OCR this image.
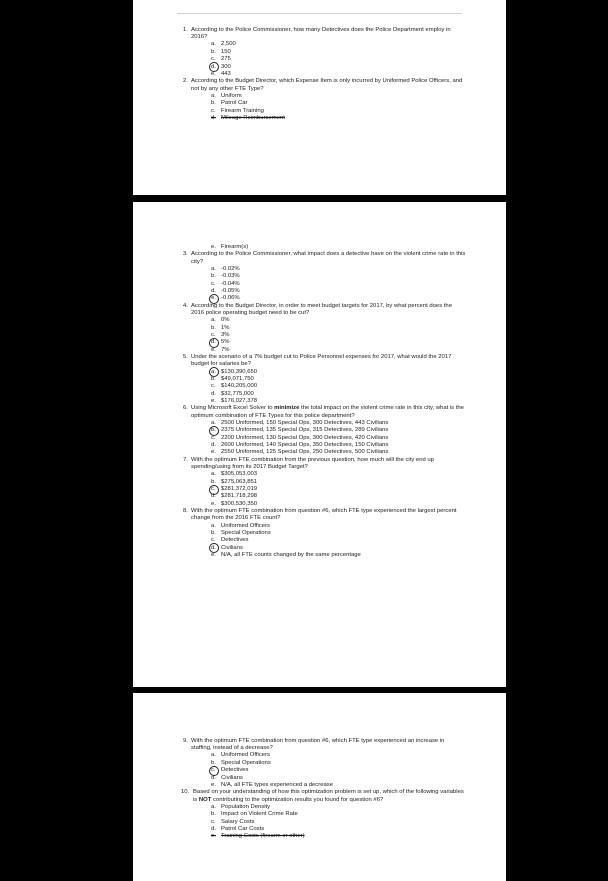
1. According to the Police Commissioner, how many Detectives does the Police Department employ in 2016?
a. 2,500
b. 150
c. 275
d. 300
e. 443
2. According to the Budget Director, which Expense Item is only incurred by Uniformed Police Officers, and not by any other FTE Type?
a. Uniform
b. Patrol Car
c. Firearm Training
d. Mileage Reimbursement
e. Firearm(s)
3. According to the Police Commissioner, what impact does a detective have on the violent crime rate in this city?
a. -0.02%
b. -0.03%
c. -0.04%
d. -0.05%
e. -0.06%
4. According to the Budget Director, in order to meet budget targets for 2017, by what percent does the 2016 police operating budget need to be cut?
a. 0%
b. 1%
c. 3%
d. 5%
e. 7%
5. Under the scenario of a 7% budget cut to Police Personnel expenses for 2017, what would the 2017 budget for salaries be?
a. $130,390,650
b. $49,071,750
c. $140,205,000
d. $32,775,000
e. $176,027,378
6. Using Microsoft Excel Solver to minimize the total impact on the violent crime rate in this city, what is the optimum combination of FTE Types for this police department?
a. 2500 Uniformed, 150 Special Ops, 300 Detectives, 443 Civilians
b. 2375 Uniformed, 135 Special Ops, 315 Detectives, 289 Civilians
c. 2200 Uniformed, 130 Special Ops, 300 Detectives, 420 Civilians
d. 2600 Uniformed, 140 Special Ops, 350 Detectives, 150 Civilians
e. 2550 Uniformed, 125 Special Ops, 250 Detectives, 500 Civilians
7. With the optimum FTE combination from the previous question, how much will the city end up spending/using from its 2017 Budget Target?
a. $305,053,003
b. $275,063,851
c. $281,372,019
d. $281,718,298
e. $300,530,350
8. With the optimum FTE combination from question #6, which FTE type experienced the largest percent change from the 2016 FTE count?
a. Uniformed Officers
b. Special Operations
c. Detectives
d. Civilians
e. N/A, all FTE counts changed by the same percentage
9. With the optimum FTE combination from question #6, which FTE type experienced an increase in staffing, instead of a decrease?
a. Uniformed Officers
b. Special Operations
c. Detectives
d. Civilians
e. N/A, all FTE types experienced a decrease
10. Based on your understanding of how this optimization problem is set up, which of the following variables is NOT contributing to the optimization results you found for question #6?
a. Population Density
b. Impact on Violent Crime Rate
c. Salary Costs
d. Patrol Car Costs
e. Training Costs (firearm or other)
